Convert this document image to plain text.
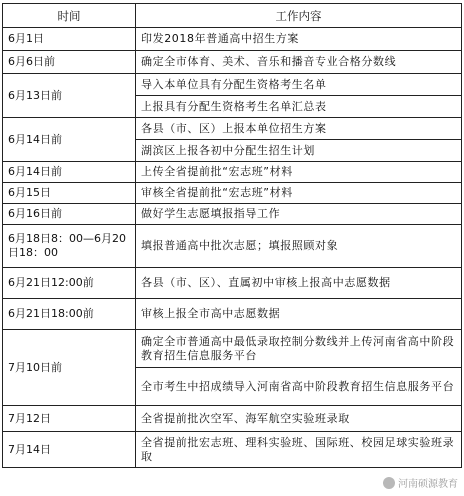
时间	工作内容
6月1日	印发2018年普通高中招生方案
6月6日前	确定全市体育、美术、音乐和播音专业合格分数线
6月13日前	导入本单位具有分配生资格考生名单
	上报具有分配生资格考生名单汇总表
6月14日前	各县（市、区）上报本单位招生方案
	湖滨区上报各初中分配生招生计划
6月14日前	上传全省提前批“宏志班”材料
6月15日	审核全省提前批“宏志班”材料
6月16日前	做好学生志愿填报指导工作
6月18日8：00—6月20日18：00	填报普通高中批次志愿；填报照顾对象
6月21日12:00前	各县（市、区）、直属初中审核上报高中志愿数据
6月21日18:00前	审核上报全市高中志愿数据
7月10日前	确定全市普通高中最低录取控制分数线并上传河南省高中阶段教育招生信息服务平台
	全市考生中招成绩导入河南省高中阶段教育招生信息服务平台
7月12日	全省提前批次空军、海军航空实验班录取
7月14日	全省提前批宏志班、理科实验班、国际班、校园足球实验班录取
河南硕源教育
